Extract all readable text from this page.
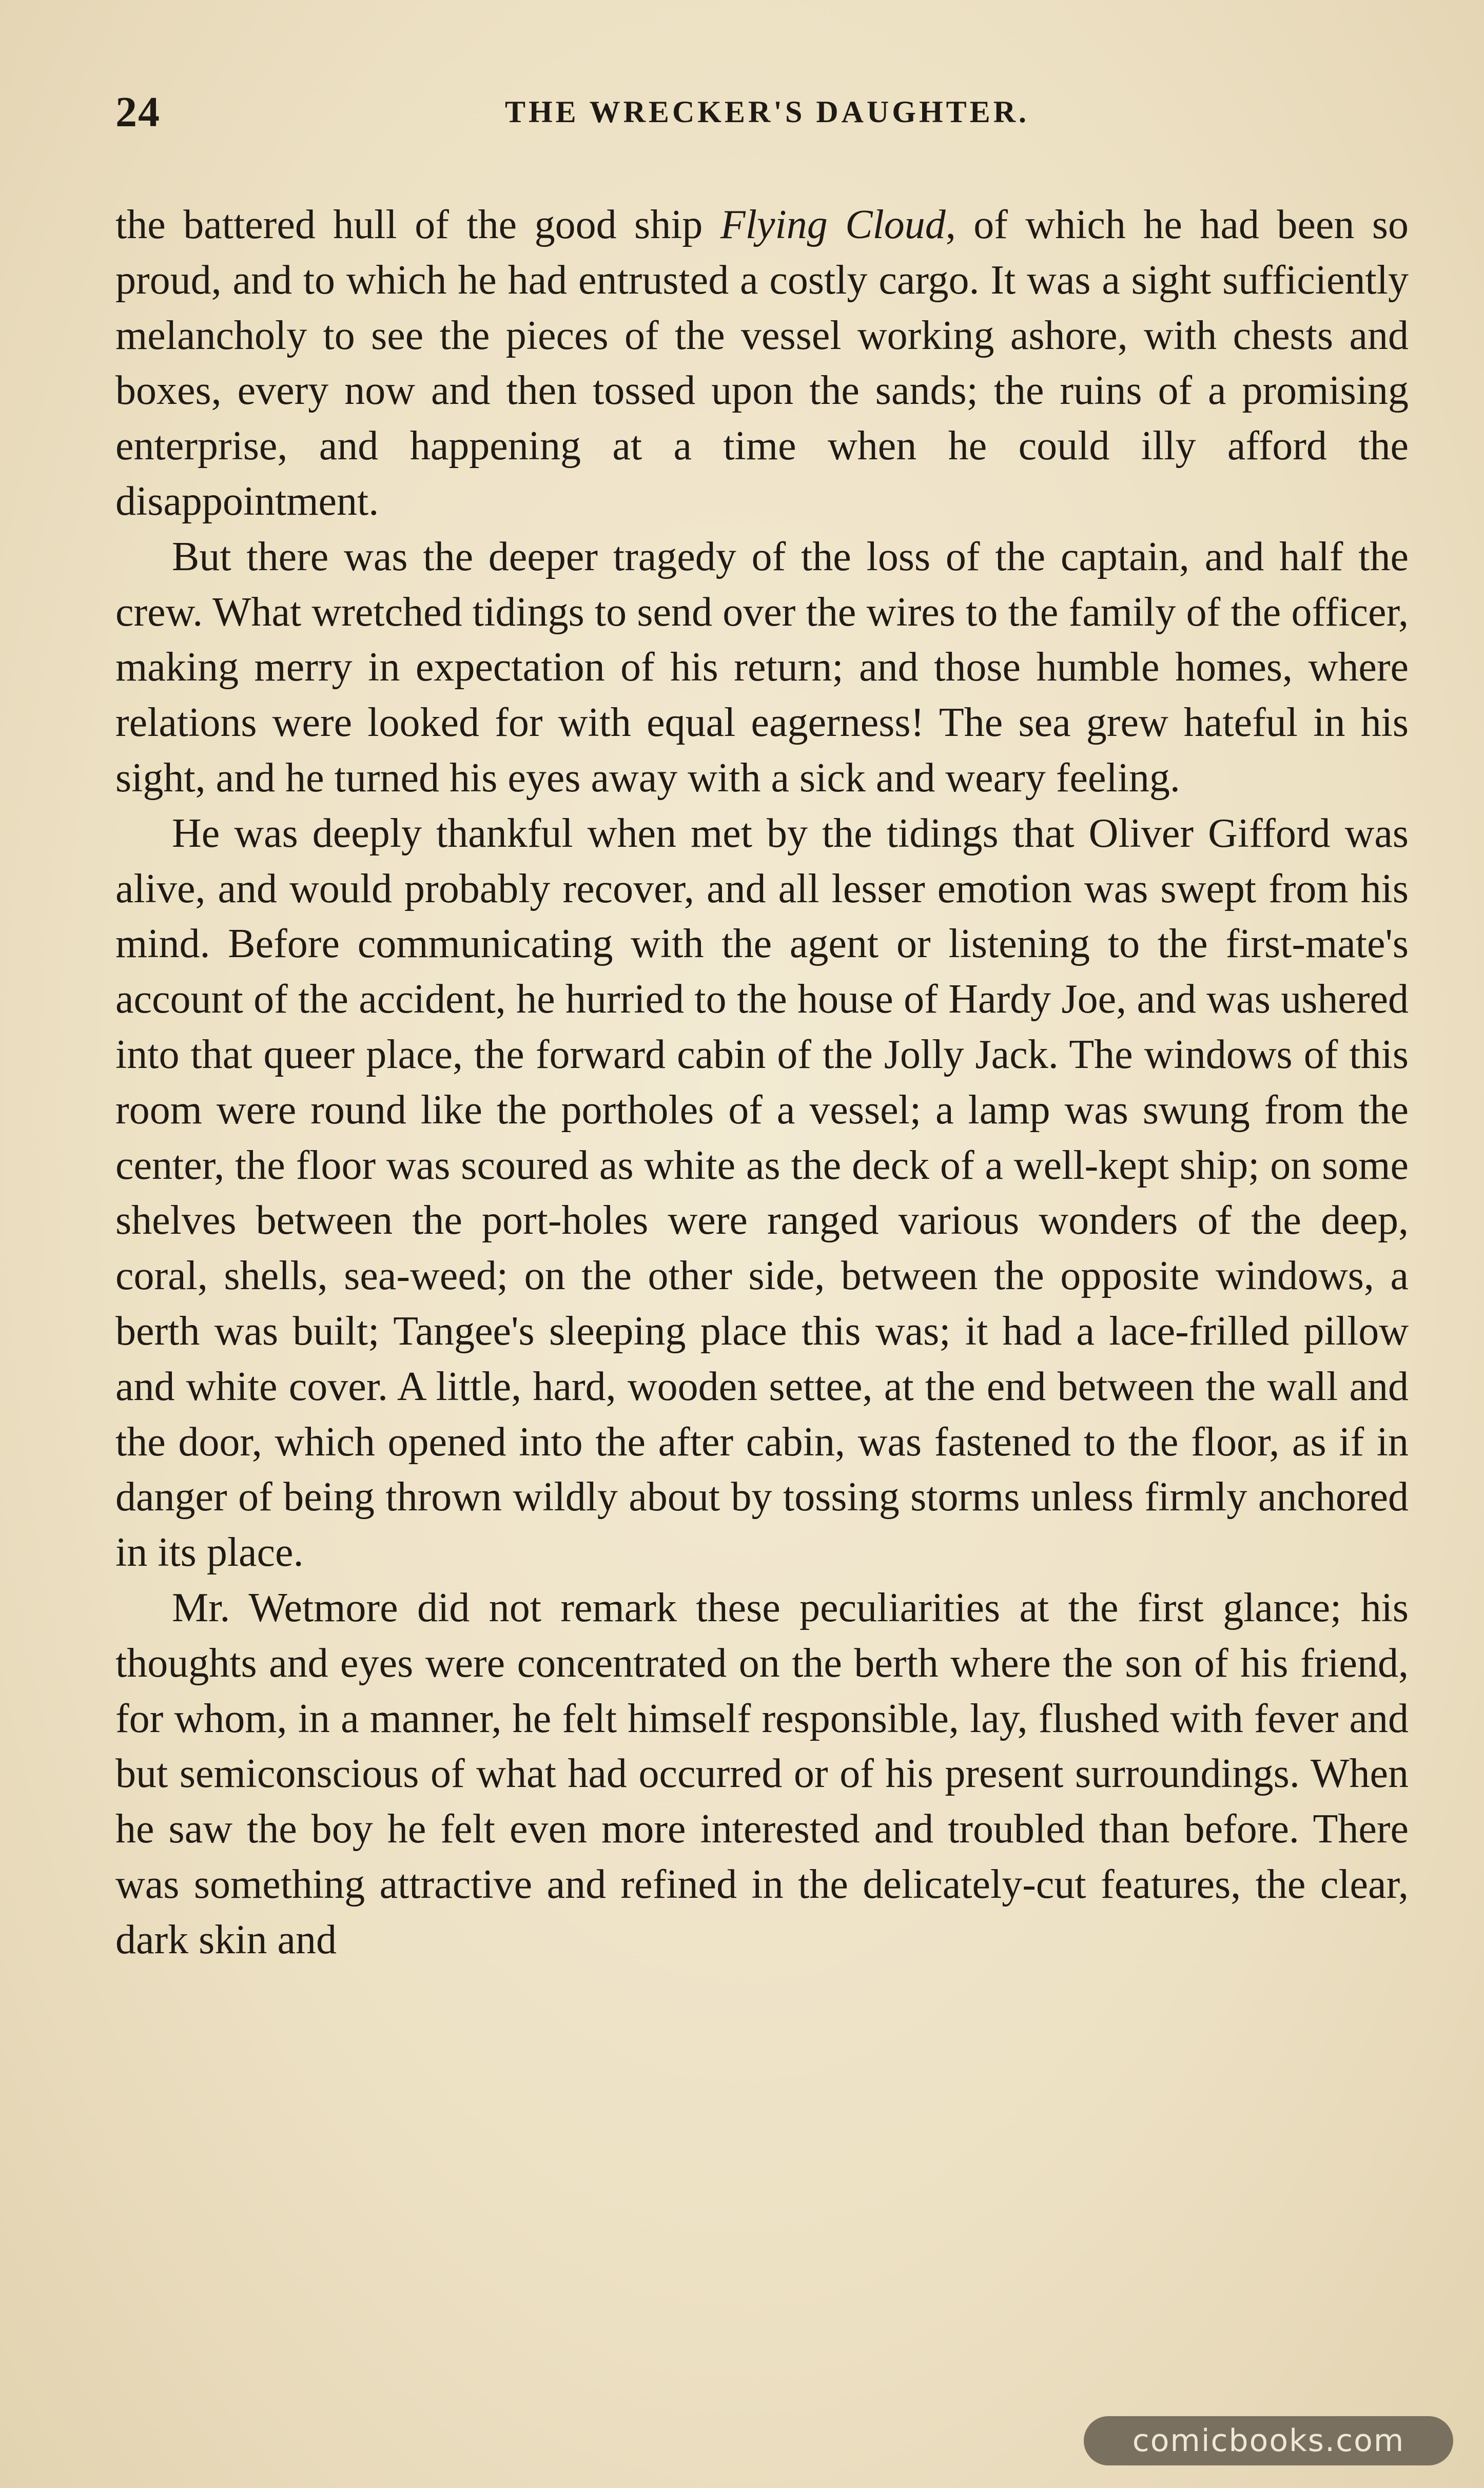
24	THE WRECKER'S DAUGHTER.

the battered hull of the good ship Flying Cloud, of which he had been so proud, and to which he had entrusted a costly cargo. It was a sight sufficiently melancholy to see the pieces of the vessel working ashore, with chests and boxes, every now and then tossed upon the sands; the ruins of a promising enterprise, and happening at a time when he could illy afford the disappointment.

But there was the deeper tragedy of the loss of the captain, and half the crew. What wretched tidings to send over the wires to the family of the officer, making merry in expectation of his return; and those humble homes, where relations were looked for with equal eagerness! The sea grew hateful in his sight, and he turned his eyes away with a sick and weary feeling.

He was deeply thankful when met by the tidings that Oliver Gifford was alive, and would probably recover, and all lesser emotion was swept from his mind. Before communicating with the agent or listening to the first-mate's account of the accident, he hurried to the house of Hardy Joe, and was ushered into that queer place, the forward cabin of the Jolly Jack. The windows of this room were round like the portholes of a vessel; a lamp was swung from the center, the floor was scoured as white as the deck of a well-kept ship; on some shelves between the port-holes were ranged various wonders of the deep, coral, shells, sea-weed; on the other side, between the opposite windows, a berth was built; Tangee's sleeping place this was; it had a lace-frilled pillow and white cover. A little, hard, wooden settee, at the end between the wall and the door, which opened into the after cabin, was fastened to the floor, as if in danger of being thrown wildly about by tossing storms unless firmly anchored in its place.

Mr. Wetmore did not remark these peculiarities at the first glance; his thoughts and eyes were concentrated on the berth where the son of his friend, for whom, in a manner, he felt himself responsible, lay, flushed with fever and but semiconscious of what had occurred or of his present surroundings. When he saw the boy he felt even more interested and troubled than before. There was something attractive and refined in the delicately-cut features, the clear, dark skin and

comicbooks.com
